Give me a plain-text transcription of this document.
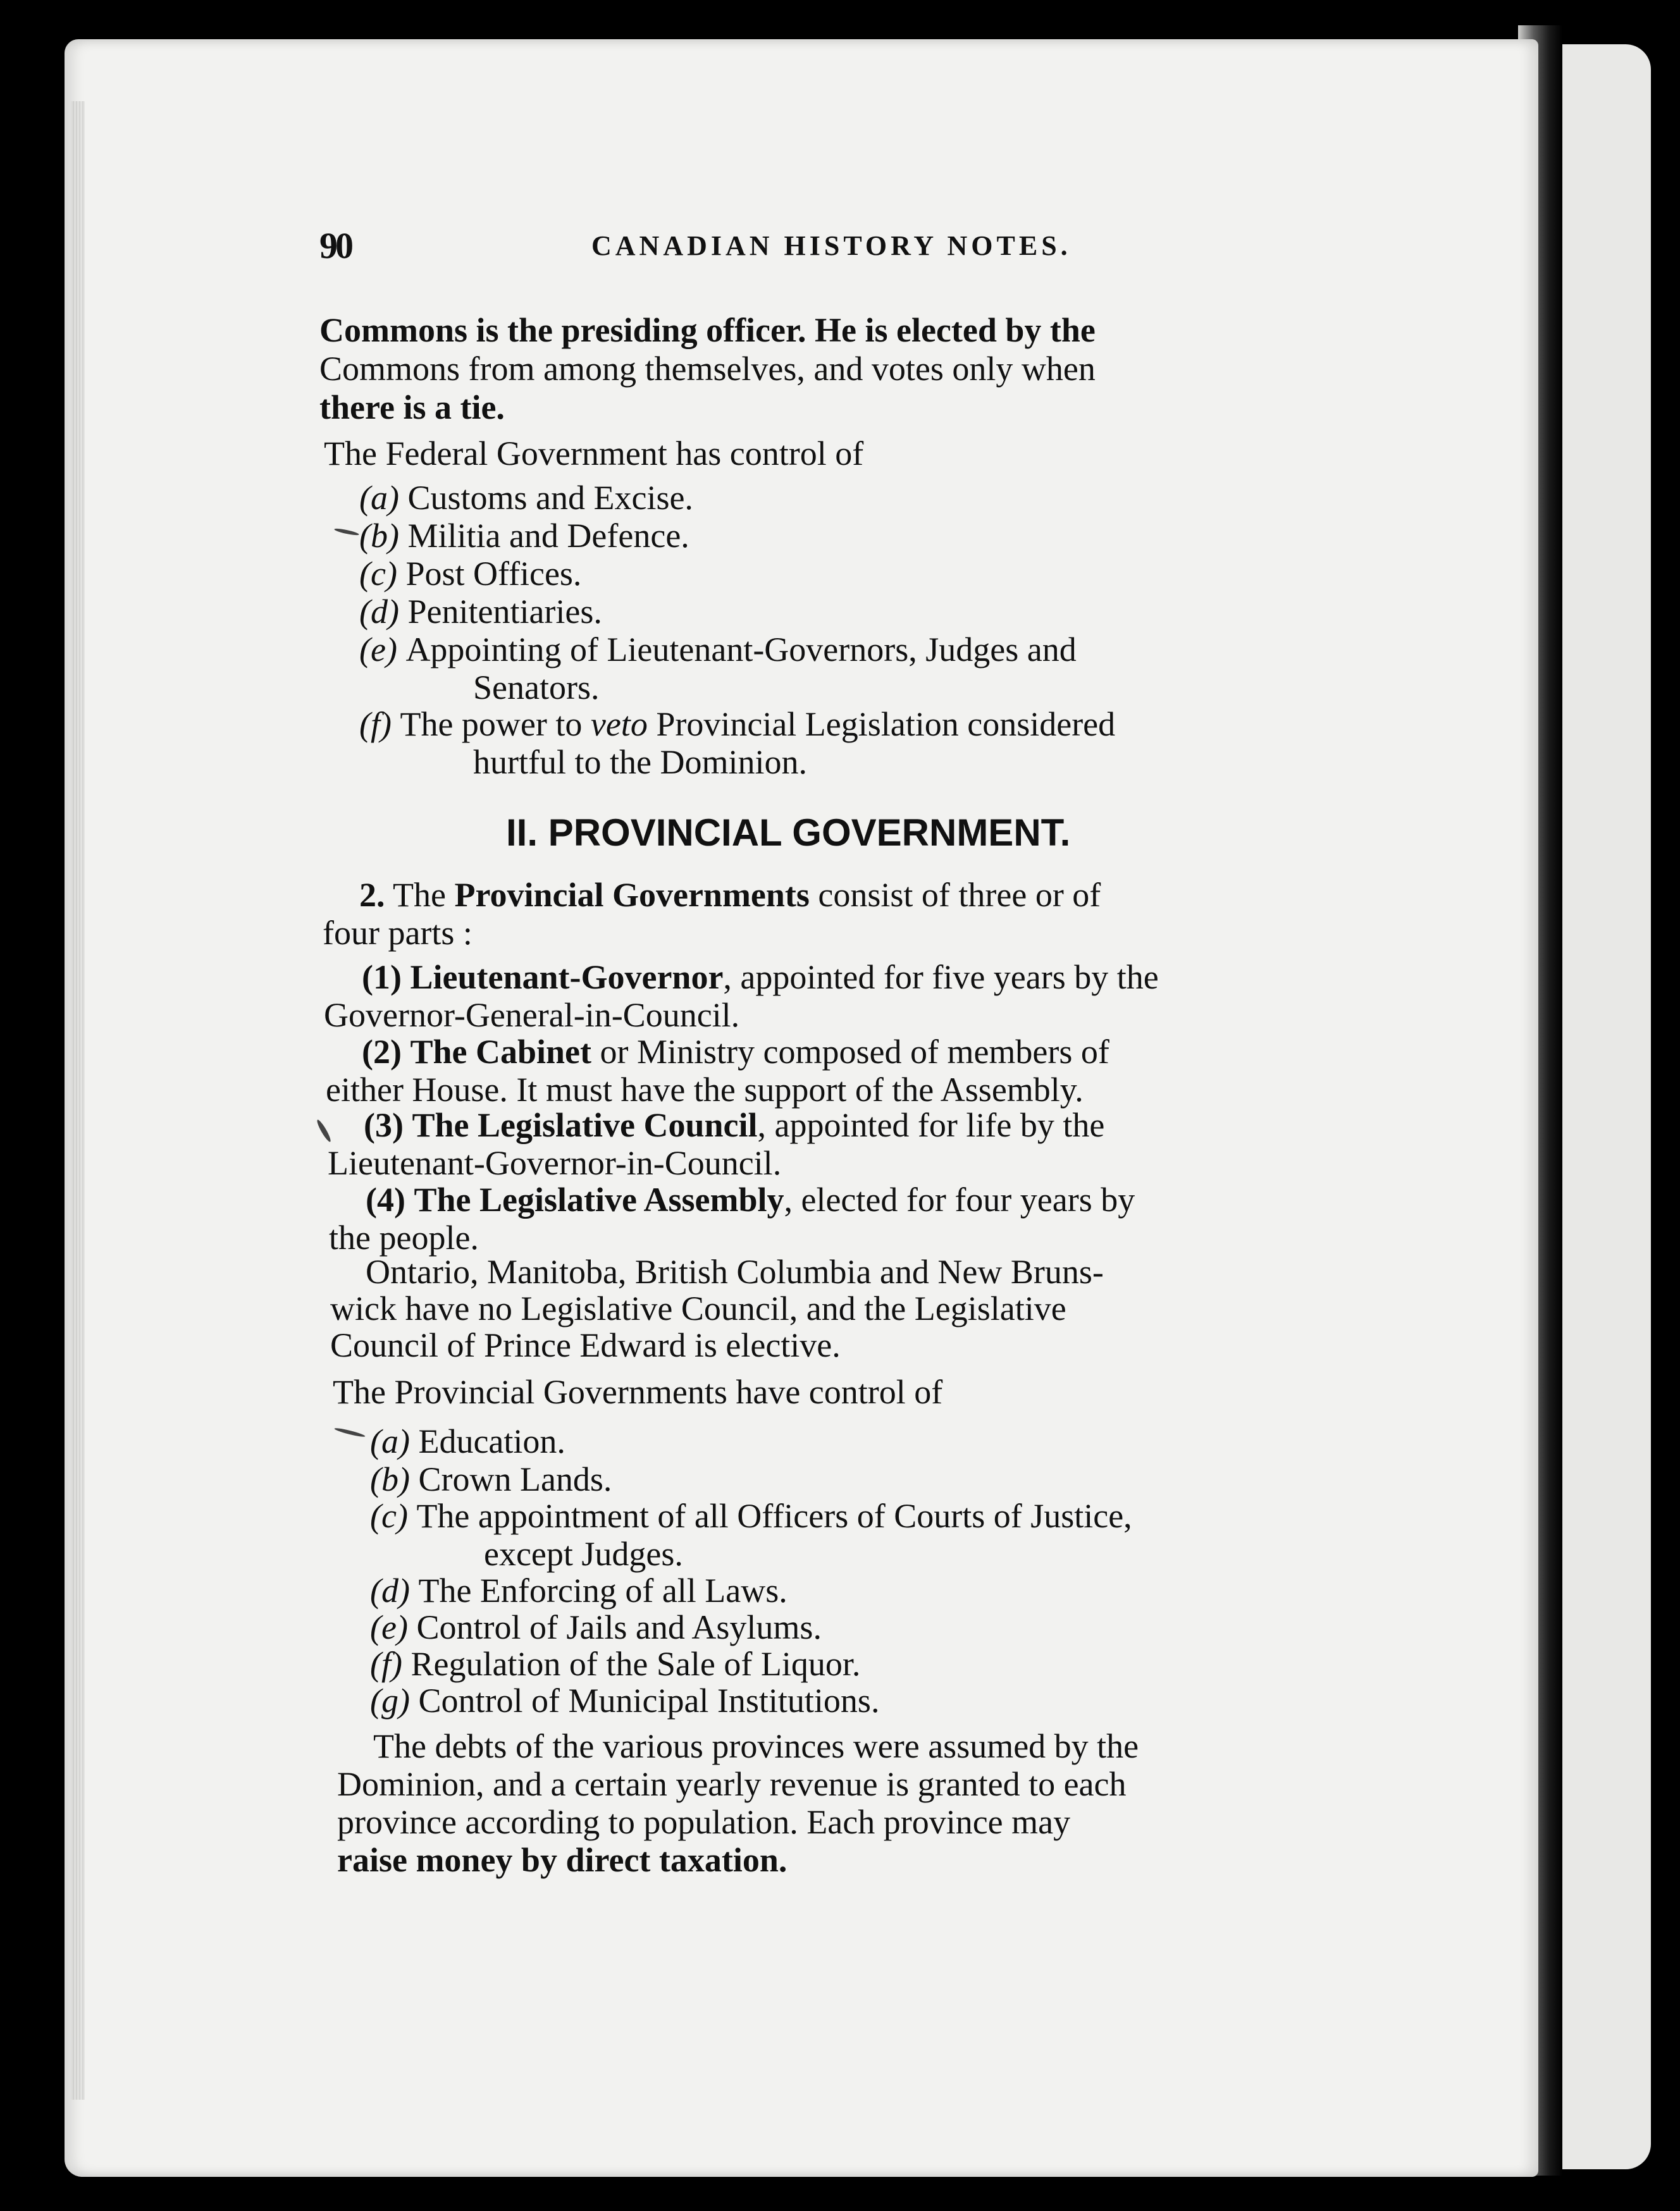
90	CANADIAN HISTORY NOTES.
Commons is the presiding officer. He is elected by the
Commons from among themselves, and votes only when
there is a tie.
The Federal Government has control of
(a) Customs and Excise.
(b) Militia and Defence.
(c) Post Offices.
(d) Penitentiaries.
(e) Appointing of Lieutenant-Governors, Judges and
Senators.
(f) The power to veto Provincial Legislation considered
hurtful to the Dominion.
II. PROVINCIAL GOVERNMENT.
2. The Provincial Governments consist of three or of
four parts :
(1) Lieutenant-Governor, appointed for five years by the
Governor-General-in-Council.
(2) The Cabinet or Ministry composed of members of
either House. It must have the support of the Assembly.
(3) The Legislative Council, appointed for life by the
Lieutenant-Governor-in-Council.
(4) The Legislative Assembly, elected for four years by
the people.
Ontario, Manitoba, British Columbia and New Bruns-
wick have no Legislative Council, and the Legislative
Council of Prince Edward is elective.
The Provincial Governments have control of
(a) Education.
(b) Crown Lands.
(c) The appointment of all Officers of Courts of Justice,
except Judges.
(d) The Enforcing of all Laws.
(e) Control of Jails and Asylums.
(f) Regulation of the Sale of Liquor.
(g) Control of Municipal Institutions.
The debts of the various provinces were assumed by the
Dominion, and a certain yearly revenue is granted to each
province according to population. Each province may
raise money by direct taxation.
